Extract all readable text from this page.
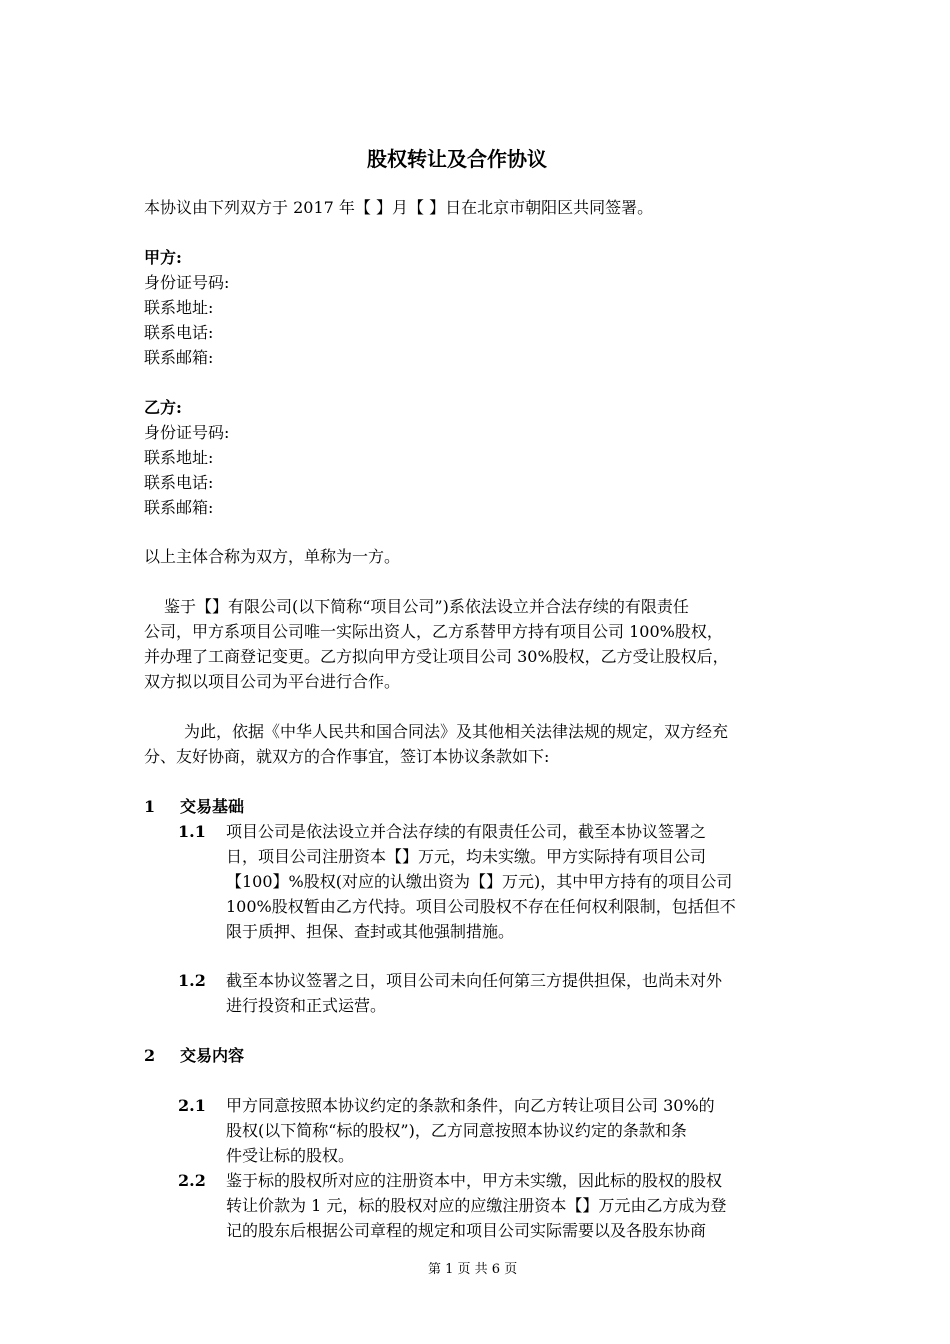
股权转让及合作协议
本协议由下列双方于 2017 年【 】月【 】日在北京市朝阳区共同签署。
甲方:
身份证号码:
联系地址:
联系电话:
联系邮箱:
乙方:
身份证号码:
联系地址:
联系电话:
联系邮箱:
以上主体合称为双方，单称为一方。
鉴于【】有限公司(以下简称“项目公司”)系依法设立并合法存续的有限责任
公司，甲方系项目公司唯一实际出资人，乙方系替甲方持有项目公司 100%股权，
并办理了工商登记变更。乙方拟向甲方受让项目公司 30%股权，乙方受让股权后，
双方拟以项目公司为平台进行合作。
为此，依据《中华人民共和国合同法》及其他相关法律法规的规定，双方经充
分、友好协商，就双方的合作事宜，签订本协议条款如下:
1 交易基础
1.1 项目公司是依法设立并合法存续的有限责任公司，截至本协议签署之
日，项目公司注册资本【】万元，均未实缴。甲方实际持有项目公司
【100】%股权(对应的认缴出资为【】万元)，其中甲方持有的项目公司
100%股权暂由乙方代持。项目公司股权不存在任何权利限制，包括但不
限于质押、担保、查封或其他强制措施。
1.2 截至本协议签署之日，项目公司未向任何第三方提供担保，也尚未对外
进行投资和正式运营。
2 交易内容
2.1 甲方同意按照本协议约定的条款和条件，向乙方转让项目公司 30%的
股权(以下简称“标的股权”)，乙方同意按照本协议约定的条款和条
件受让标的股权。
2.2 鉴于标的股权所对应的注册资本中，甲方未实缴，因此标的股权的股权
转让价款为 1 元，标的股权对应的应缴注册资本【】万元由乙方成为登
记的股东后根据公司章程的规定和项目公司实际需要以及各股东协商
第 1 页 共 6 页
